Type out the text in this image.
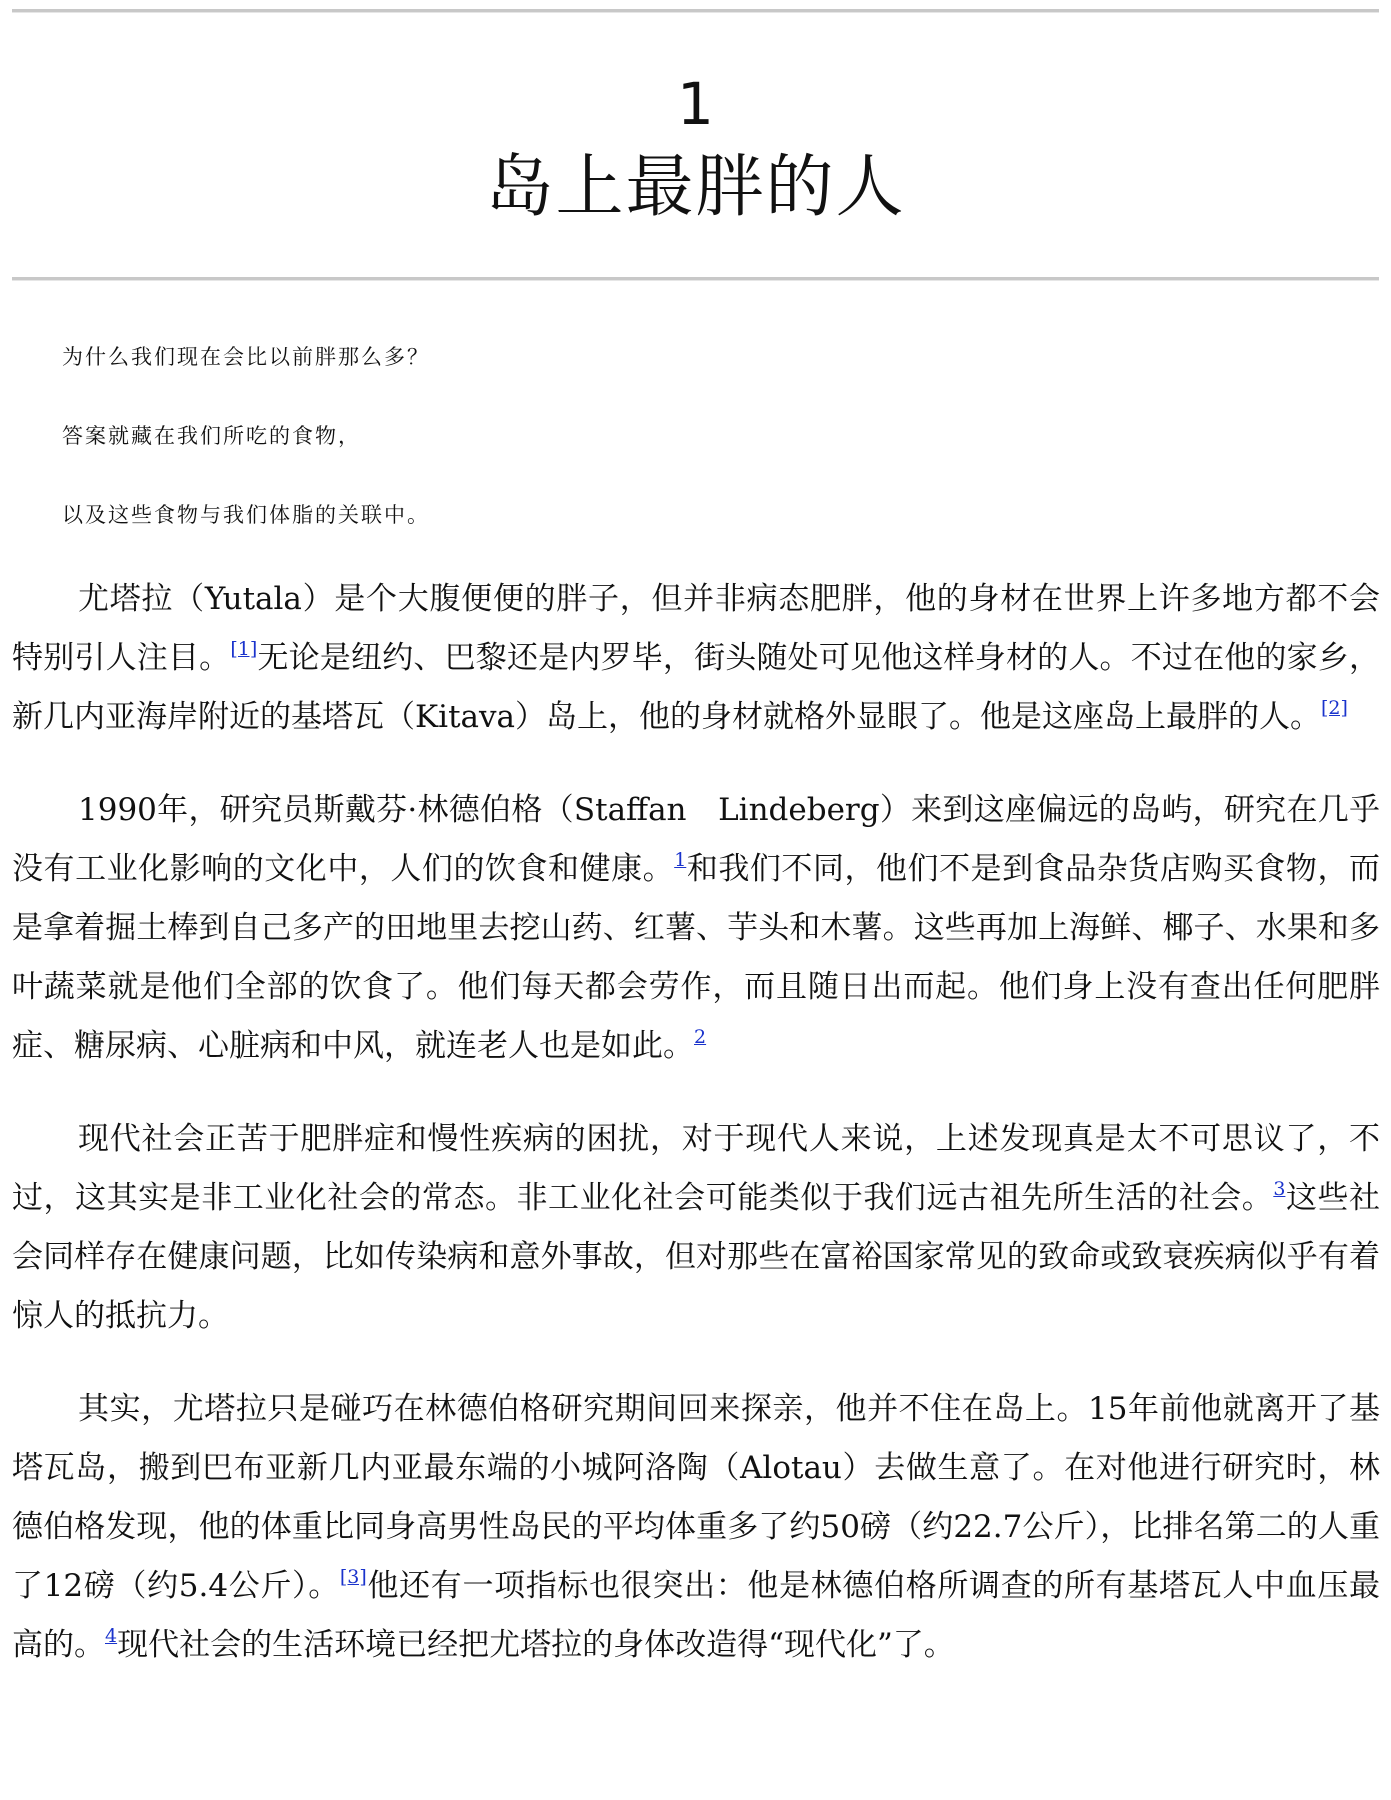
1
岛上最胖的人

为什么我们现在会比以前胖那么多？

答案就藏在我们所吃的食物，

以及这些食物与我们体脂的关联中。

尤塔拉（Yutala）是个大腹便便的胖子，但并非病态肥胖，他的身材在世界上许多地方都不会特别引人注目。[1]无论是纽约、巴黎还是内罗毕，街头随处可见他这样身材的人。不过在他的家乡，新几内亚海岸附近的基塔瓦（Kitava）岛上，他的身材就格外显眼了。他是这座岛上最胖的人。[2]

1990年，研究员斯戴芬·林德伯格（Staffan　Lindeberg）来到这座偏远的岛屿，研究在几乎没有工业化影响的文化中，人们的饮食和健康。$^1$和我们不同，他们不是到食品杂货店购买食物，而是拿着掘土棒到自己多产的田地里去挖山药、红薯、芋头和木薯。这些再加上海鲜、椰子、水果和多叶蔬菜就是他们全部的饮食了。他们每天都会劳作，而且随日出而起。他们身上没有查出任何肥胖症、糖尿病、心脏病和中风，就连老人也是如此。$^2$

现代社会正苦于肥胖症和慢性疾病的困扰，对于现代人来说，上述发现真是太不可思议了，不过，这其实是非工业化社会的常态。非工业化社会可能类似于我们远古祖先所生活的社会。$^3$这些社会同样存在健康问题，比如传染病和意外事故，但对那些在富裕国家常见的致命或致衰疾病似乎有着惊人的抵抗力。

其实，尤塔拉只是碰巧在林德伯格研究期间回来探亲，他并不住在岛上。15年前他就离开了基塔瓦岛，搬到巴布亚新几内亚最东端的小城阿洛陶（Alotau）去做生意了。在对他进行研究时，林德伯格发现，他的体重比同身高男性岛民的平均体重多了约50磅（约22.7公斤），比排名第二的人重了12磅（约5.4公斤）。[3]他还有一项指标也很突出：他是林德伯格所调查的所有基塔瓦人中血压最高的。$^4$现代社会的生活环境已经把尤塔拉的身体改造得“现代化”了。
